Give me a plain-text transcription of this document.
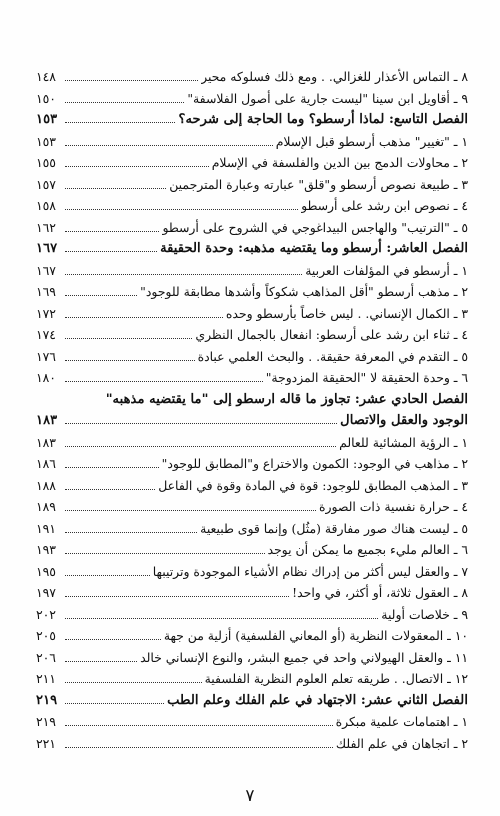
٨ ـ التماس الأعذار للغزالي. . ومع ذلك فسلوكه محير
١٤٨
٩ ـ أقاويل ابن سينا "ليست جارية على أصول الفلاسفة"
١٥٠
الفصل التاسع: لماذا أرسطو؟ وما الحاجة إلى شرحه؟
١٥٣
١ ـ "تغيير" مذهب أرسطو قبل الإسلام
١٥٣
٢ ـ محاولات الدمج بين الدين والفلسفة في الإسلام
١٥٥
٣ ـ طبيعة نصوص أرسطو و"قلق" عبارته وعبارة المترجمين
١٥٧
٤ ـ نصوص ابن رشد على أرسطو
١٥٨
٥ ـ "الترتيب" والهاجس البيداغوجي في الشروح على أرسطو
١٦٢
الفصل العاشر: أرسطو وما يقتضيه مذهبه: وحدة الحقيقة
١٦٧
١ ـ أرسطو في المؤلفات العربية
١٦٧
٢ ـ مذهب أرسطو "أقل المذاهب شكوكاً وأشدها مطابقة للوجود"
١٦٩
٣ ـ الكمال الإنساني. . ليس خاصاً بأرسطو وحده
١٧٢
٤ ـ ثناء ابن رشد على أرسطو: انفعال بالجمال النظري
١٧٤
٥ ـ التقدم في المعرفة حقيقة. . والبحث العلمي عبادة
١٧٦
٦ ـ وحدة الحقيقة لا "الحقيقة المزدوجة"
١٨٠
الفصل الحادي عشر: تجاوز ما قاله ارسطو إلى "ما يقتضيه مذهبه"
الوجود والعقل والاتصال
١٨٣
١ ـ الرؤية المشائية للعالم
١٨٣
٢ ـ مذاهب في الوجود: الكمون والاختراع و"المطابق للوجود"
١٨٦
٣ ـ المذهب المطابق للوجود: قوة في المادة وقوة في الفاعل
١٨٨
٤ ـ حرارة نفسية ذات الصورة
١٨٩
٥ ـ ليست هناك صور مفارقة (مثُل) وإنما قوى طبيعية
١٩١
٦ ـ العالم مليء بجميع ما يمكن أن يوجد
١٩٣
٧ ـ والعقل ليس أكثر من إدراك نظام الأشياء الموجودة وترتيبها
١٩٥
٨ ـ العقول ثلاثة، أو أكثر، في واحد!
١٩٧
٩ ـ خلاصات أولية
٢٠٢
١٠ ـ المعقولات النظرية (أو المعاني الفلسفية) أزلية من جهة
٢٠٥
١١ ـ والعقل الهيولاني واحد في جميع البشر، والنوع الإنساني خالد
٢٠٦
١٢ ـ الاتصال. . طريقه تعلم العلوم النظرية الفلسفية
٢١١
الفصل الثاني عشر: الاجتهاد في علم الفلك وعلم الطب
٢١٩
١ ـ اهتمامات علمية مبكرة
٢١٩
٢ ـ اتجاهان في علم الفلك
٢٢١
٧
